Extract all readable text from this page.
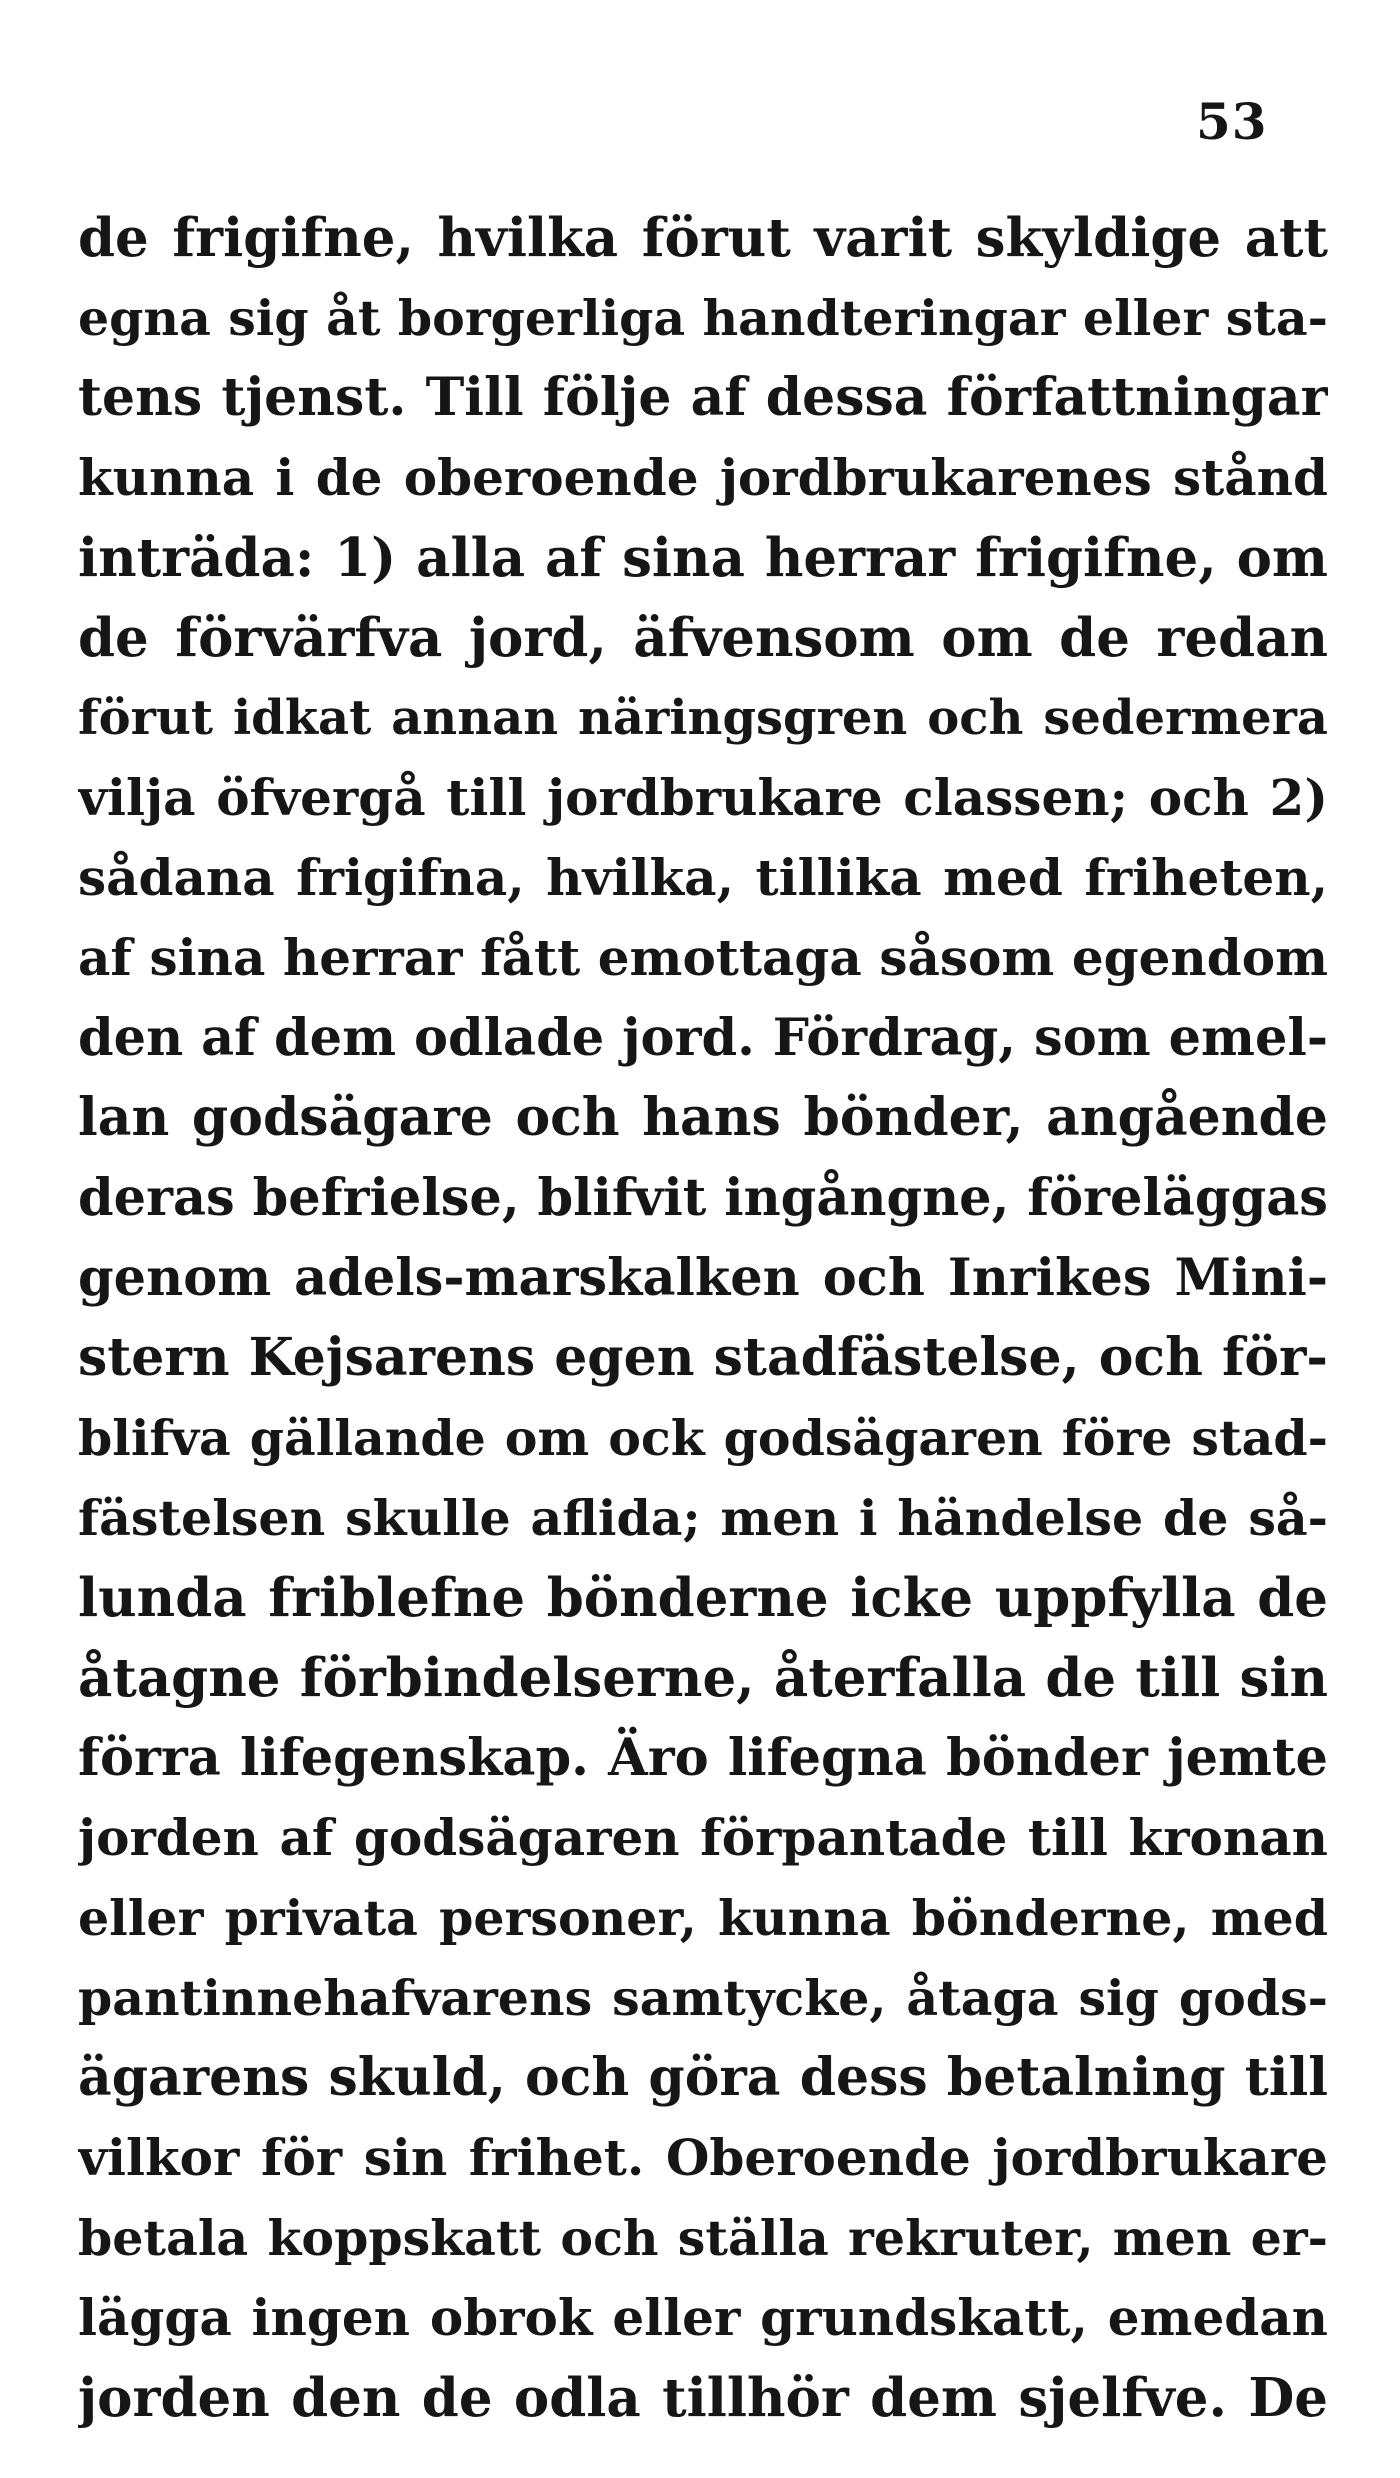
53

de frigifne, hvilka förut varit skyldige att
egna sig åt borgerliga handteringar eller sta-
tens tjenst. Till följe af dessa författningar
kunna i de oberoende jordbrukarenes stånd
inträda: 1) alla af sina herrar frigifne, om
de förvärfva jord, äfvensom om de redan
förut idkat annan näringsgren och sedermera
vilja öfvergå till jordbrukare classen; och 2)
sådana frigifna, hvilka, tillika med friheten,
af sina herrar fått emottaga såsom egendom
den af dem odlade jord. Fördrag, som emel-
lan godsägare och hans bönder, angående
deras befrielse, blifvit ingångne, föreläggas
genom adels-marskalken och Inrikes Mini-
stern Kejsarens egen stadfästelse, och för-
blifva gällande om ock godsägaren före stad-
fästelsen skulle aflida; men i händelse de så-
lunda friblefne bönderne icke uppfylla de
åtagne förbindelserne, återfalla de till sin
förra lifegenskap. Äro lifegna bönder jemte
jorden af godsägaren förpantade till kronan
eller privata personer, kunna bönderne, med
pantinnehafvarens samtycke, åtaga sig gods-
ägarens skuld, och göra dess betalning till
vilkor för sin frihet. Oberoende jordbrukare
betala koppskatt och ställa rekruter, men er-
lägga ingen obrok eller grundskatt, emedan
jorden den de odla tillhör dem sjelfve. De
